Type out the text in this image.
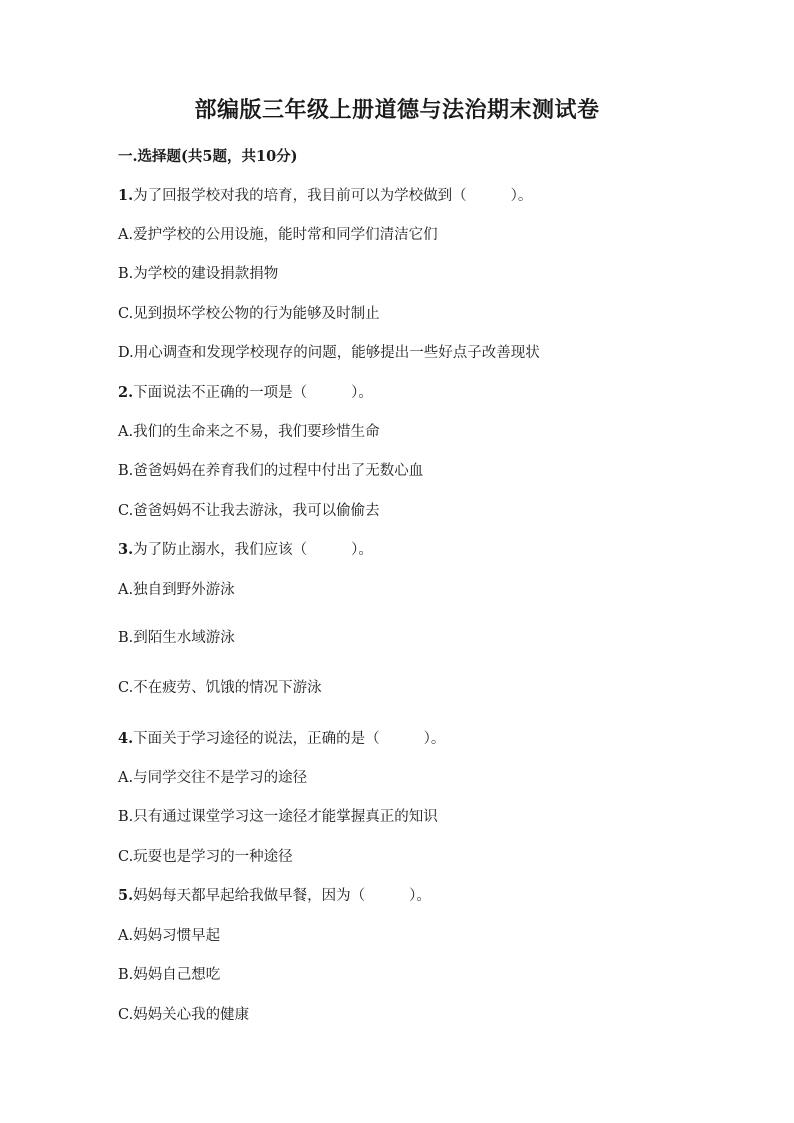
部编版三年级上册道德与法治期末测试卷
一.选择题(共5题，共10分)
1.为了回报学校对我的培育，我目前可以为学校做到（	）。
A.爱护学校的公用设施，能时常和同学们清洁它们
B.为学校的建设捐款捐物
C.见到损坏学校公物的行为能够及时制止
D.用心调查和发现学校现存的问题，能够提出一些好点子改善现状
2.下面说法不正确的一项是（	）。
A.我们的生命来之不易，我们要珍惜生命
B.爸爸妈妈在养育我们的过程中付出了无数心血
C.爸爸妈妈不让我去游泳，我可以偷偷去
3.为了防止溺水，我们应该（	）。
A.独自到野外游泳
B.到陌生水域游泳
C.不在疲劳、饥饿的情况下游泳
4.下面关于学习途径的说法，正确的是（	）。
A.与同学交往不是学习的途径
B.只有通过课堂学习这一途径才能掌握真正的知识
C.玩耍也是学习的一种途径
5.妈妈每天都早起给我做早餐，因为（	）。
A.妈妈习惯早起
B.妈妈自己想吃
C.妈妈关心我的健康
